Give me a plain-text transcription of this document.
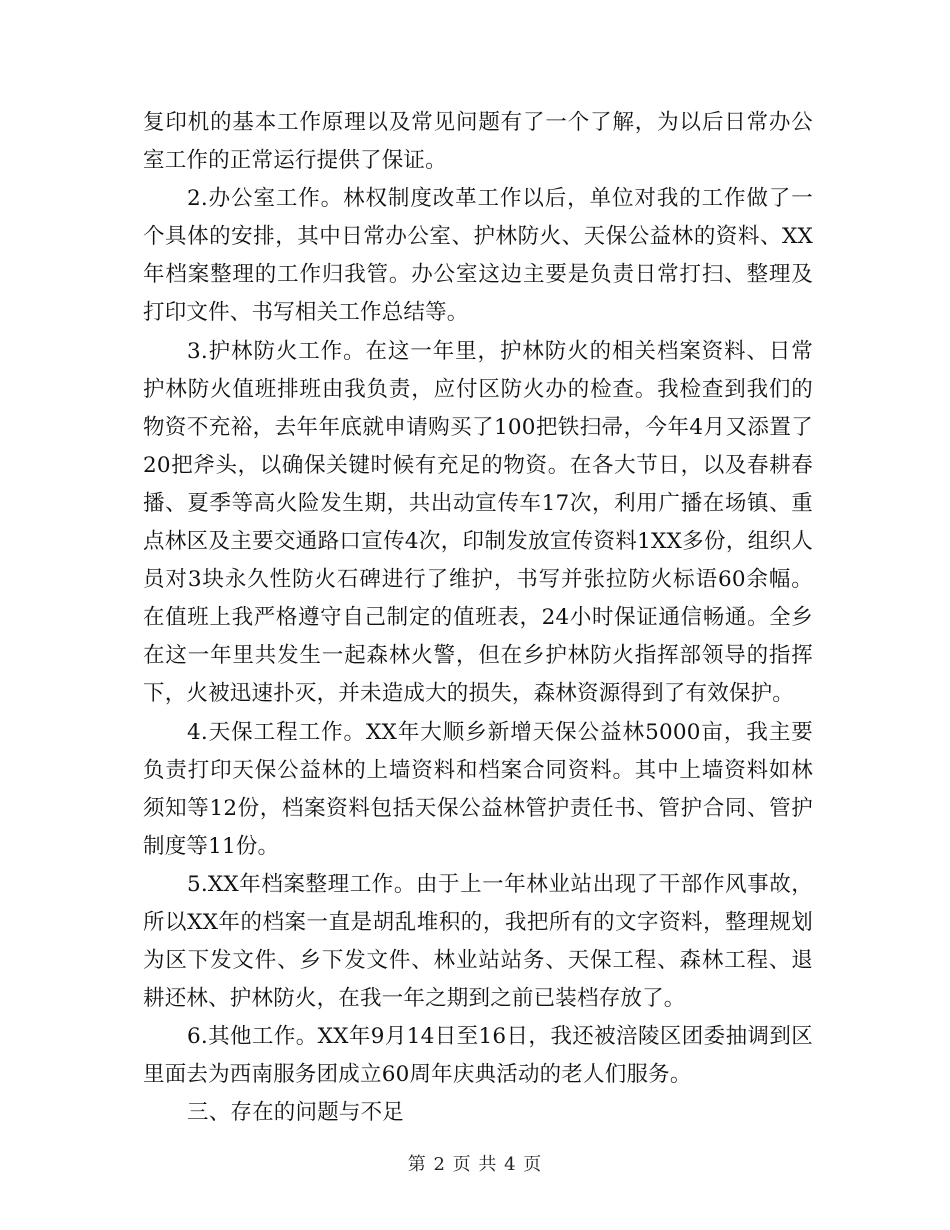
复印机的基本工作原理以及常见问题有了一个了解，为以后日常办公室工作的正常运行提供了保证。

2.办公室工作。林权制度改革工作以后，单位对我的工作做了一个具体的安排，其中日常办公室、护林防火、天保公益林的资料、XX年档案整理的工作归我管。办公室这边主要是负责日常打扫、整理及打印文件、书写相关工作总结等。

3.护林防火工作。在这一年里，护林防火的相关档案资料、日常护林防火值班排班由我负责，应付区防火办的检查。我检查到我们的物资不充裕，去年年底就申请购买了100把铁扫帚，今年4月又添置了20把斧头，以确保关键时候有充足的物资。在各大节日，以及春耕春播、夏季等高火险发生期，共出动宣传车17次，利用广播在场镇、重点林区及主要交通路口宣传4次，印制发放宣传资料1XX多份，组织人员对3块永久性防火石碑进行了维护，书写并张拉防火标语60余幅。在值班上我严格遵守自己制定的值班表，24小时保证通信畅通。全乡在这一年里共发生一起森林火警，但在乡护林防火指挥部领导的指挥下，火被迅速扑灭，并未造成大的损失，森林资源得到了有效保护。

4.天保工程工作。XX年大顺乡新增天保公益林5000亩，我主要负责打印天保公益林的上墙资料和档案合同资料。其中上墙资料如林须知等12份，档案资料包括天保公益林管护责任书、管护合同、管护制度等11份。

5.XX年档案整理工作。由于上一年林业站出现了干部作风事故，所以XX年的档案一直是胡乱堆积的，我把所有的文字资料，整理规划为区下发文件、乡下发文件、林业站站务、天保工程、森林工程、退耕还林、护林防火，在我一年之期到之前已装档存放了。

6.其他工作。XX年9月14日至16日，我还被涪陵区团委抽调到区里面去为西南服务团成立60周年庆典活动的老人们服务。

三、存在的问题与不足

第 2 页 共 4 页
